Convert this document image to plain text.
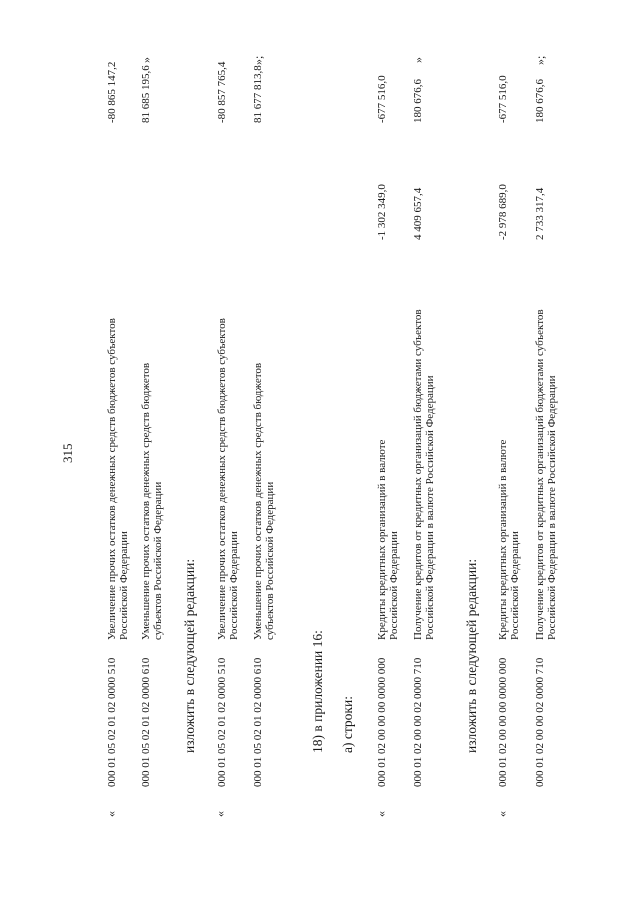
315
«
000 01 05 02 01 02 0000 510
Увеличение прочих остатков денежных средств бюджетов субъектов Российской Федерации
-80 865 147,2
000 01 05 02 01 02 0000 610
Уменьшение прочих остатков денежных средств бюджетов субъектов Российской Федерации
81 685 195,6
»
изложить в следующей редакции:
«
000 01 05 02 01 02 0000 510
Увеличение прочих остатков денежных средств бюджетов субъектов Российской Федерации
-80 857 765,4
000 01 05 02 01 02 0000 610
Уменьшение прочих остатков денежных средств бюджетов субъектов Российской Федерации
81 677 813,8
»;
18) в приложении 16: а) строки:
«
000 01 02 00 00 00 0000 000
Кредиты кредитных организаций в валюте Российской Федерации
-1 302 349,0
-677 516,0
000 01 02 00 00 02 0000 710
Получение кредитов от кредитных организаций бюджетами субъектов Российской Федерации в валюте Российской Федерации
4 409 657,4
180 676,6
»
изложить в следующей редакции:
«
000 01 02 00 00 00 0000 000
Кредиты кредитных организаций в валюте Российской Федерации
-2 978 689,0
-677 516,0
000 01 02 00 00 02 0000 710
Получение кредитов от кредитных организаций бюджетами субъектов Российской Федерации в валюте Российской Федерации
2 733 317,4
180 676,6
»;
